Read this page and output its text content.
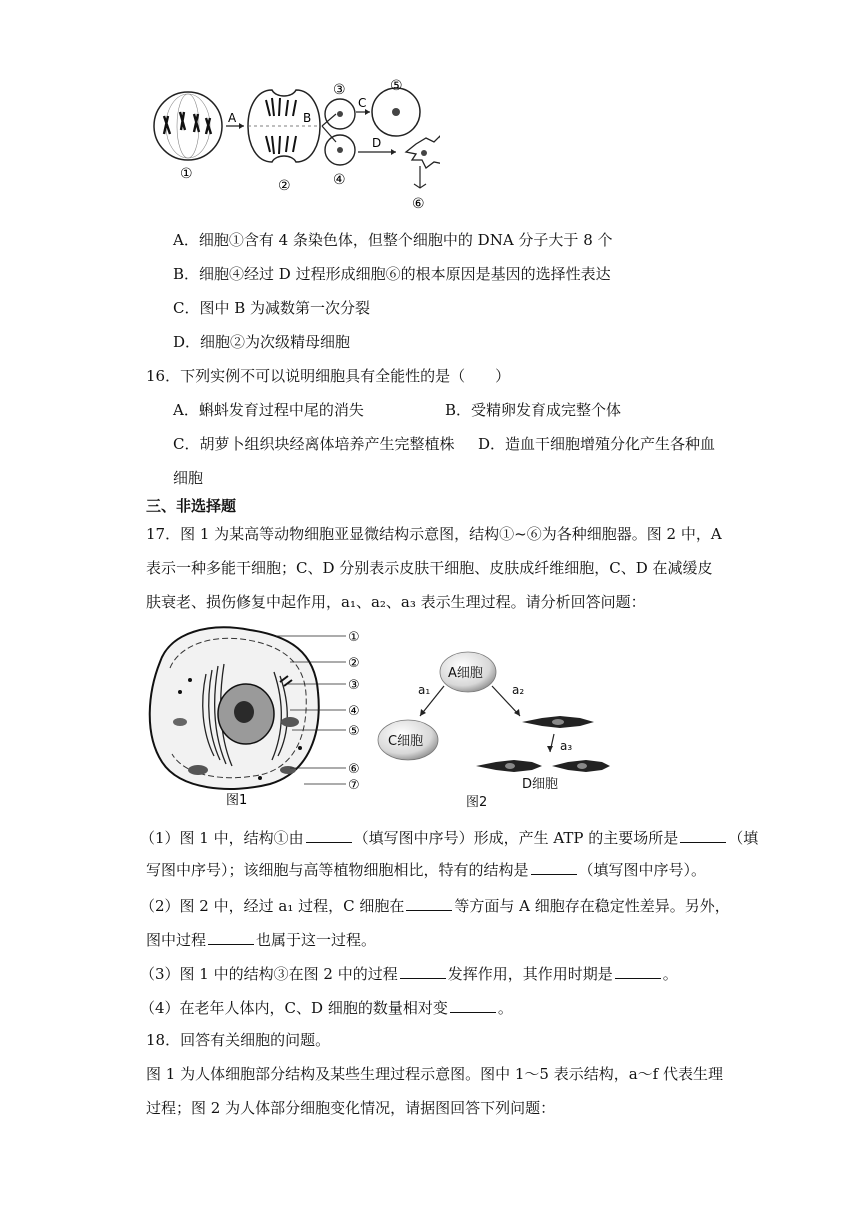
①
A
②
B
③
④
C
⑤
D
⑥
A．细胞①含有 4 条染色体，但整个细胞中的 DNA 分子大于 8 个
B．细胞④经过 D 过程形成细胞⑥的根本原因是基因的选择性表达
C．图中 B 为减数第一次分裂
D．细胞②为次级精母细胞
16．下列实例不可以说明细胞具有全能性的是（　　）
A．蝌蚪发育过程中尾的消失	B．受精卵发育成完整个体
C．胡萝卜组织块经离体培养产生完整植株 D．造血干细胞增殖分化产生各种血
细胞
三、非选择题
17．图 1 为某高等动物细胞亚显微结构示意图，结构①~⑥为各种细胞器。图 2 中，A
表示一种多能干细胞；C、D 分别表示皮肤干细胞、皮肤成纤维细胞，C、D 在减缓皮
肤衰老、损伤修复中起作用，a₁、a₂、a₃ 表示生理过程。请分析回答问题：
①
②
③
④
⑤
⑥
⑦
图1
A细胞
C细胞
a₁	a₂
a₃
D细胞
图2
（1）图 1 中，结构①由	（填写图中序号）形成，产生 ATP 的主要场所是	（填
写图中序号）；该细胞与高等植物细胞相比，特有的结构是	（填写图中序号）。
（2）图 2 中，经过 a₁ 过程，C 细胞在	等方面与 A 细胞存在稳定性差异。另外，
图中过程	也属于这一过程。
（3）图 1 中的结构③在图 2 中的过程	发挥作用，其作用时期是	。
（4）在老年人体内，C、D 细胞的数量相对变	。
18．回答有关细胞的问题。
图 1 为人体细胞部分结构及某些生理过程示意图。图中 1～5 表示结构，a～f 代表生理
过程；图 2 为人体部分细胞变化情况，请据图回答下列问题：
